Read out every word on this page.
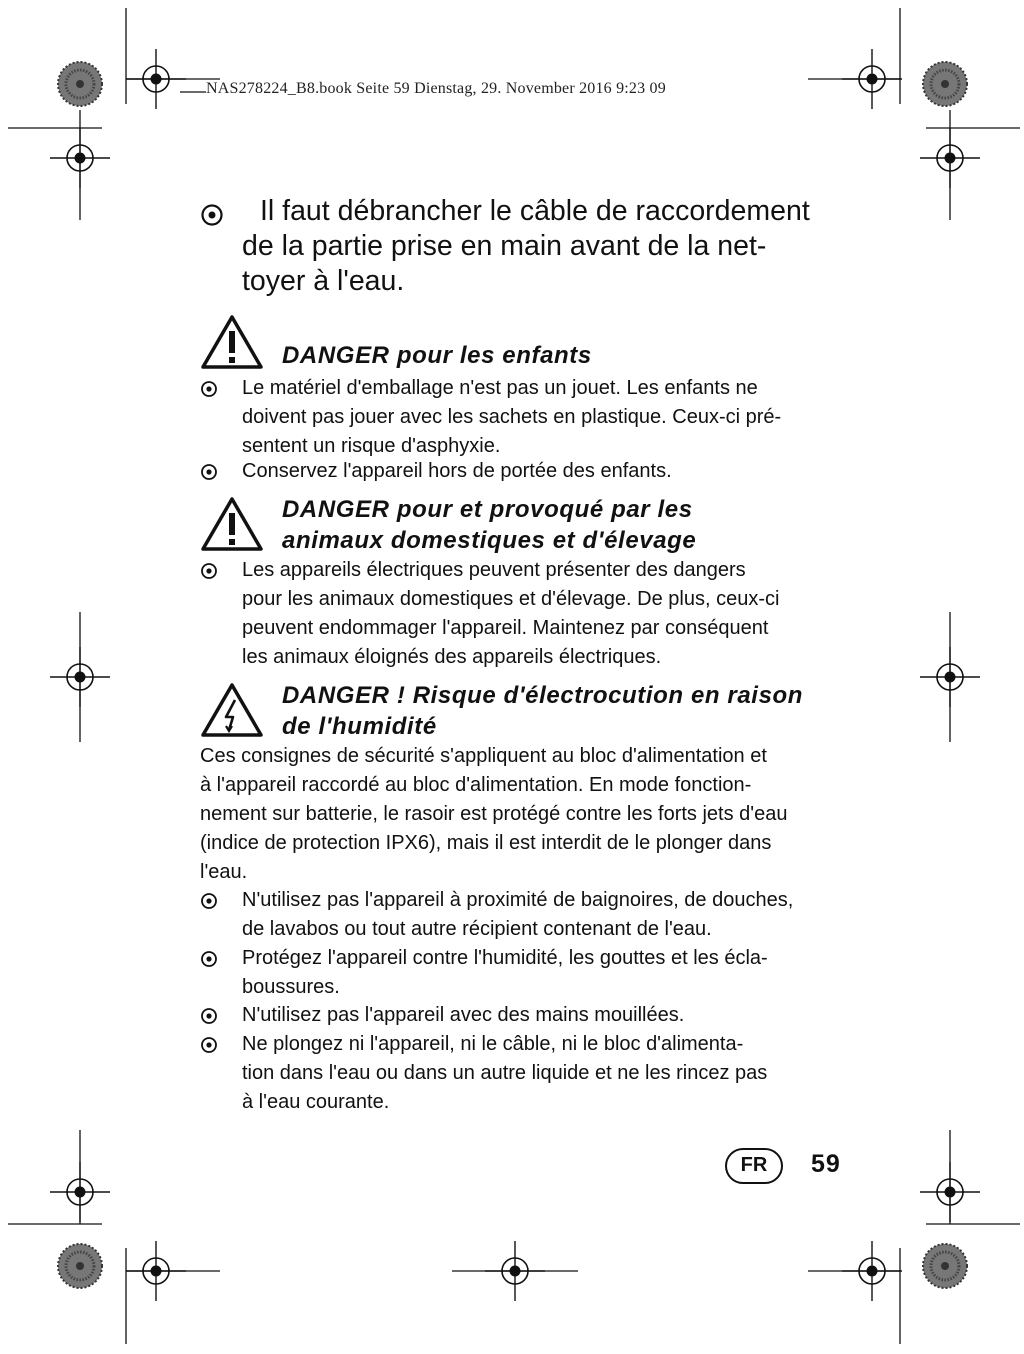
NAS278224_B8.book Seite 59 Dienstag, 29. November 2016 9:23 09
Il faut débrancher le câble de raccordement
de la partie prise en main avant de la net-
toyer à l'eau.
DANGER pour les enfants
Le matériel d'emballage n'est pas un jouet. Les enfants ne
doivent pas jouer avec les sachets en plastique. Ceux-ci pré-
sentent un risque d'asphyxie.
Conservez l'appareil hors de portée des enfants.
DANGER pour et provoqué par les
animaux domestiques et d'élevage
Les appareils électriques peuvent présenter des dangers
pour les animaux domestiques et d'élevage. De plus, ceux-ci
peuvent endommager l'appareil. Maintenez par conséquent
les animaux éloignés des appareils électriques.
DANGER ! Risque d'électrocution en raison
de l'humidité
Ces consignes de sécurité s'appliquent au bloc d'alimentation et
à l'appareil raccordé au bloc d'alimentation. En mode fonction-
nement sur batterie, le rasoir est protégé contre les forts jets d'eau
(indice de protection IPX6), mais il est interdit de le plonger dans
l'eau.
N'utilisez pas l'appareil à proximité de baignoires, de douches,
de lavabos ou tout autre récipient contenant de l'eau.
Protégez l'appareil contre l'humidité, les gouttes et les écla-
boussures.
N'utilisez pas l'appareil avec des mains mouillées.
Ne plongez ni l'appareil, ni le câble, ni le bloc d'alimenta-
tion dans l'eau ou dans un autre liquide et ne les rincez pas
à l'eau courante.
FR	59
